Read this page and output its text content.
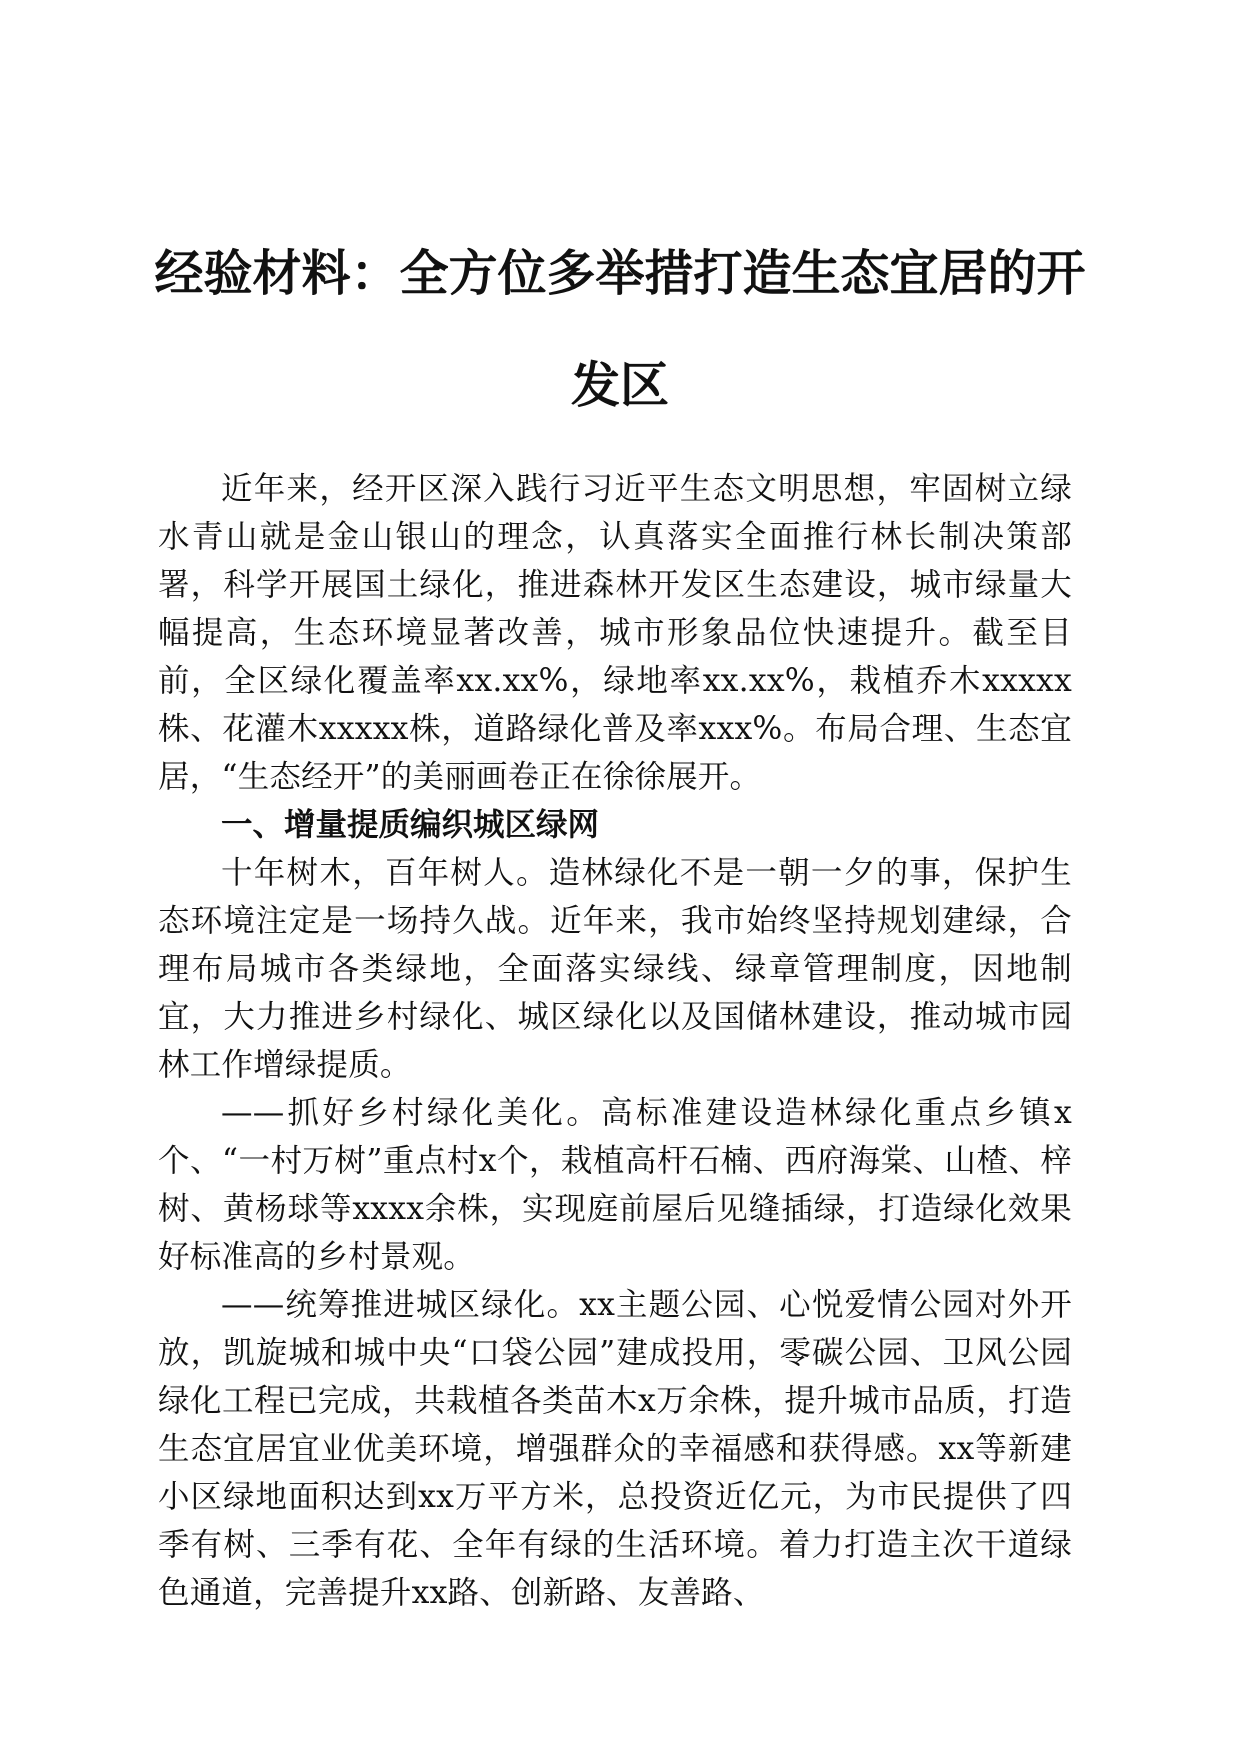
经验材料：全方位多举措打造生态宜居的开发区

近年来，经开区深入践行习近平生态文明思想，牢固树立绿水青山就是金山银山的理念，认真落实全面推行林长制决策部署，科学开展国土绿化，推进森林开发区生态建设，城市绿量大幅提高，生态环境显著改善，城市形象品位快速提升。截至目前，全区绿化覆盖率xx.xx%，绿地率xx.xx%，栽植乔木xxxxx株、花灌木xxxxx株，道路绿化普及率xxx%。布局合理、生态宜居，“生态经开”的美丽画卷正在徐徐展开。

一、增量提质编织城区绿网

十年树木，百年树人。造林绿化不是一朝一夕的事，保护生态环境注定是一场持久战。近年来，我市始终坚持规划建绿，合理布局城市各类绿地，全面落实绿线、绿章管理制度，因地制宜，大力推进乡村绿化、城区绿化以及国储林建设，推动城市园林工作增绿提质。

——抓好乡村绿化美化。高标准建设造林绿化重点乡镇x个、“一村万树”重点村x个，栽植高杆石楠、西府海棠、山楂、梓树、黄杨球等xxxx余株，实现庭前屋后见缝插绿，打造绿化效果好标准高的乡村景观。

——统筹推进城区绿化。xx主题公园、心悦爱情公园对外开放，凯旋城和城中央“口袋公园”建成投用，零碳公园、卫风公园绿化工程已完成，共栽植各类苗木x万余株，提升城市品质，打造生态宜居宜业优美环境，增强群众的幸福感和获得感。xx等新建小区绿地面积达到xx万平方米，总投资近亿元，为市民提供了四季有树、三季有花、全年有绿的生活环境。着力打造主次干道绿色通道，完善提升xx路、创新路、友善路、
